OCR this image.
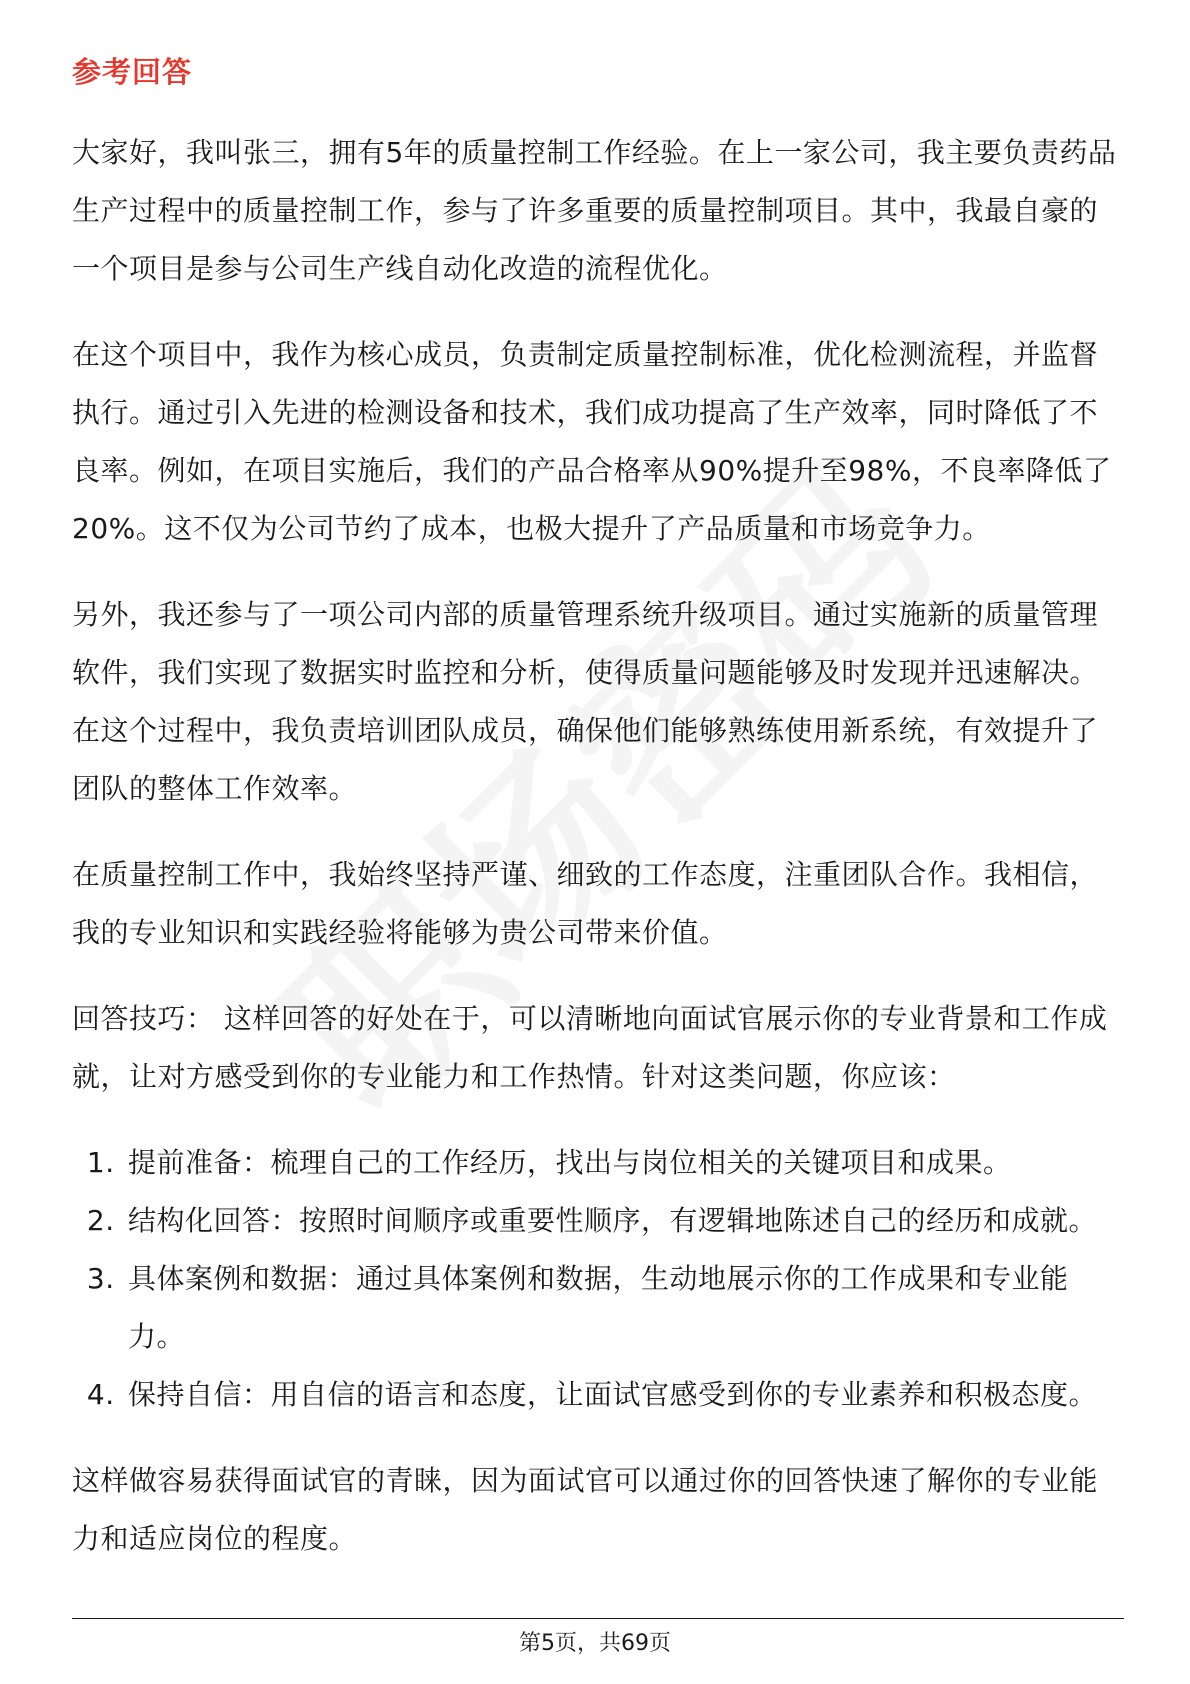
参考回答

大家好，我叫张三，拥有5年的质量控制工作经验。在上一家公司，我主要负责药品生产过程中的质量控制工作，参与了许多重要的质量控制项目。其中，我最自豪的一个项目是参与公司生产线自动化改造的流程优化。

在这个项目中，我作为核心成员，负责制定质量控制标准，优化检测流程，并监督执行。通过引入先进的检测设备和技术，我们成功提高了生产效率，同时降低了不良率。例如，在项目实施后，我们的产品合格率从90%提升至98%，不良率降低了20%。这不仅为公司节约了成本，也极大提升了产品质量和市场竞争力。

另外，我还参与了一项公司内部的质量管理系统升级项目。通过实施新的质量管理软件，我们实现了数据实时监控和分析，使得质量问题能够及时发现并迅速解决。在这个过程中，我负责培训团队成员，确保他们能够熟练使用新系统，有效提升了团队的整体工作效率。

在质量控制工作中，我始终坚持严谨、细致的工作态度，注重团队合作。我相信，我的专业知识和实践经验将能够为贵公司带来价值。

回答技巧： 这样回答的好处在于，可以清晰地向面试官展示你的专业背景和工作成就，让对方感受到你的专业能力和工作热情。针对这类问题，你应该：

1. 提前准备：梳理自己的工作经历，找出与岗位相关的关键项目和成果。
2. 结构化回答：按照时间顺序或重要性顺序，有逻辑地陈述自己的经历和成就。
3. 具体案例和数据：通过具体案例和数据，生动地展示你的工作成果和专业能力。
4. 保持自信：用自信的语言和态度，让面试官感受到你的专业素养和积极态度。

这样做容易获得面试官的青睐，因为面试官可以通过你的回答快速了解你的专业能力和适应岗位的程度。

第5页，共69页
